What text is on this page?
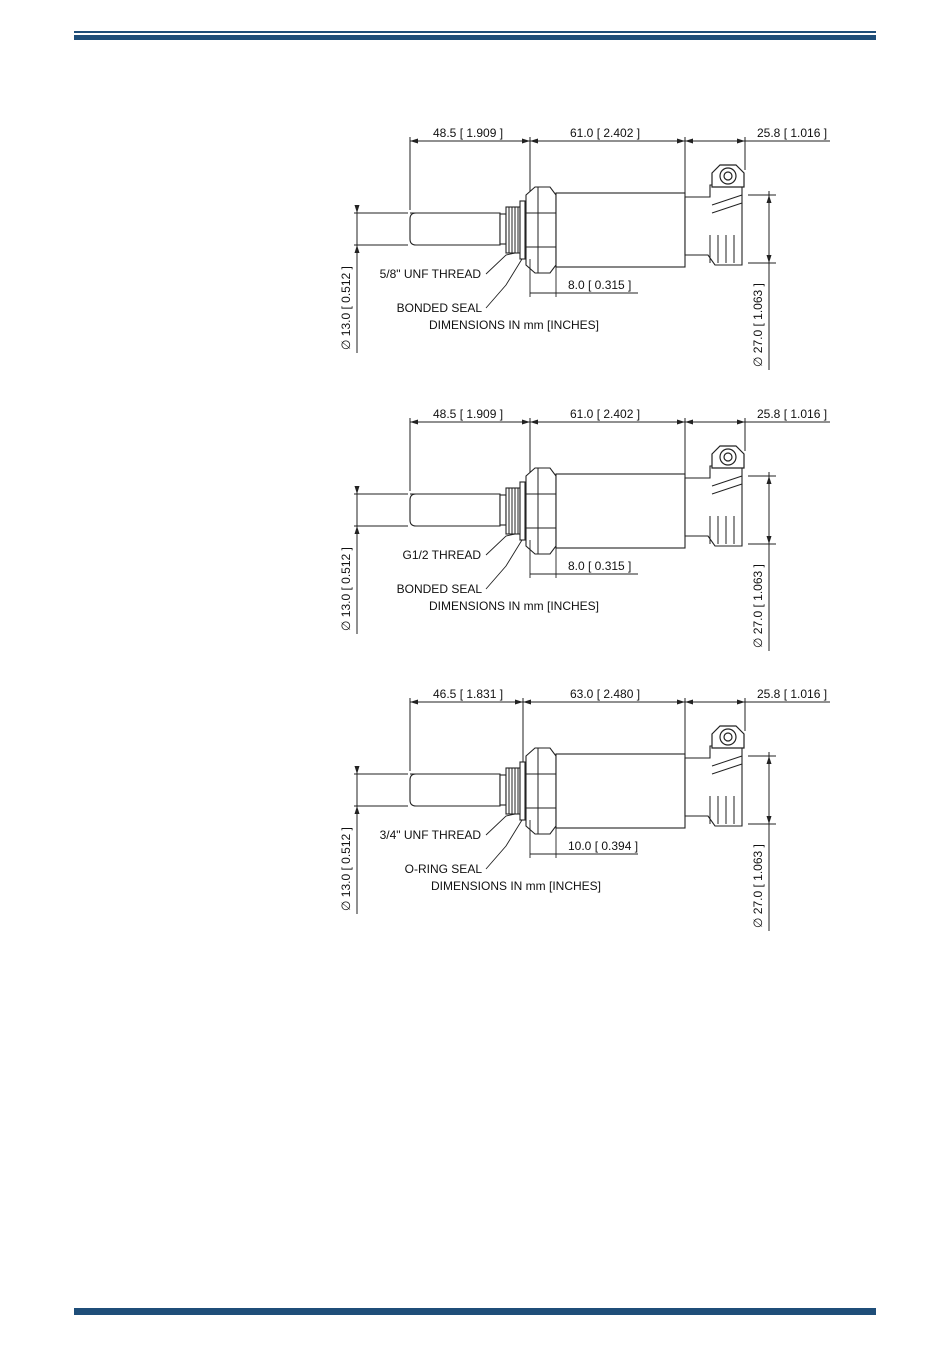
48.5 [ 1.909 ]	61.0 [ 2.402 ]	25.8 [ 1.016 ]
∅ 13.0 [ 0.512 ]	∅ 27.0 [ 1.063 ]
8.0 [ 0.315 ]
5/8" UNF THREAD
BONDED SEAL
DIMENSIONS IN mm [INCHES]
48.5 [ 1.909 ]	61.0 [ 2.402 ]	25.8 [ 1.016 ]
∅ 13.0 [ 0.512 ]	∅ 27.0 [ 1.063 ]
8.0 [ 0.315 ]
G1/2 THREAD
BONDED SEAL
DIMENSIONS IN mm [INCHES]
46.5 [ 1.831 ]	63.0 [ 2.480 ]	25.8 [ 1.016 ]
∅ 13.0 [ 0.512 ]	∅ 27.0 [ 1.063 ]
10.0 [ 0.394 ]
3/4" UNF THREAD
O-RING SEAL
DIMENSIONS IN mm [INCHES]
